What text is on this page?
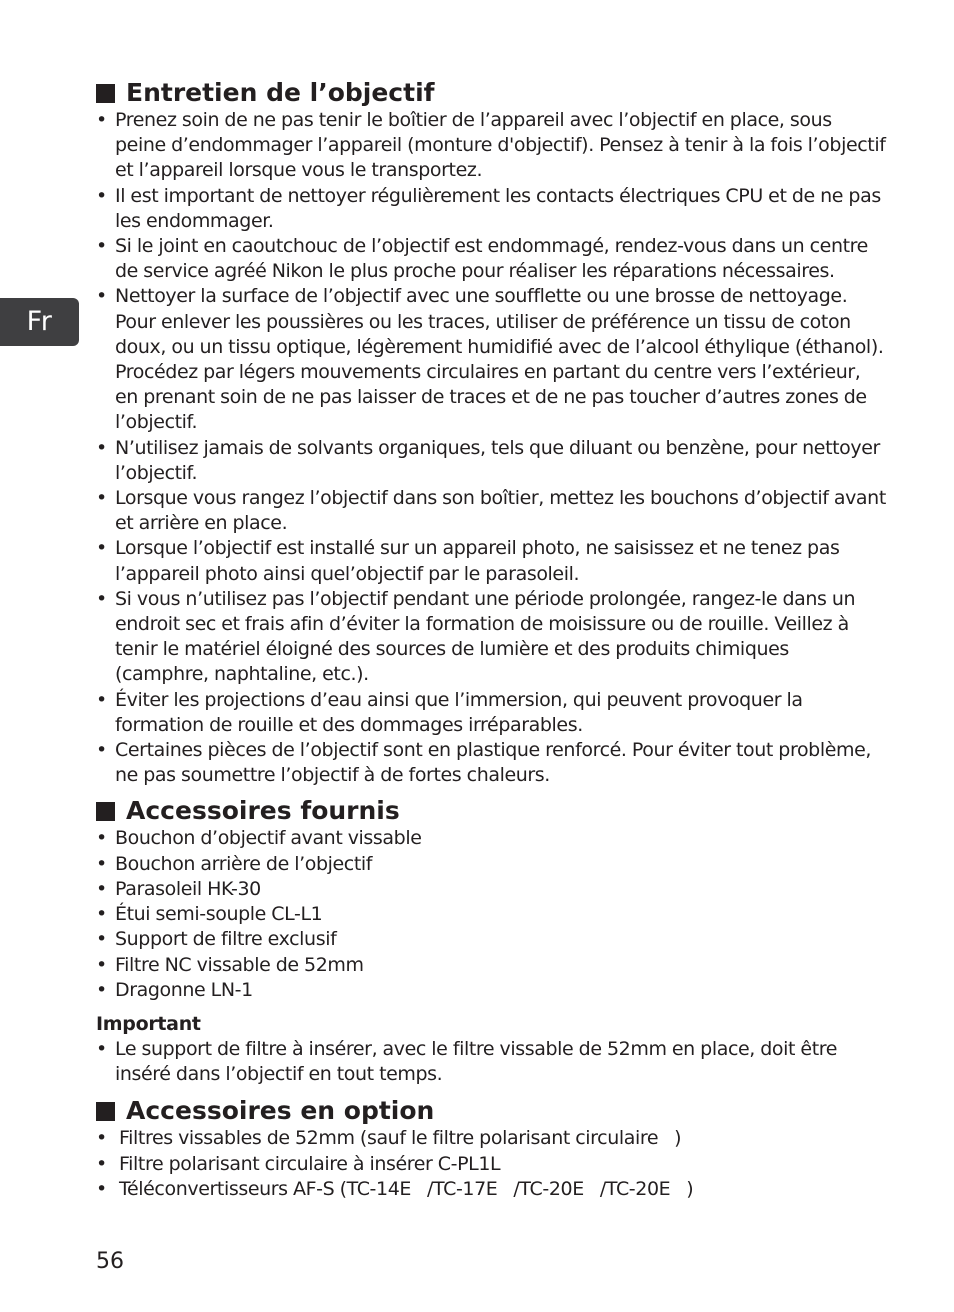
Fr
Entretien de l’objectif
• Prenez soin de ne pas tenir le boîtier de l’appareil avec l’objectif en place, sous peine d’endommager l’appareil (monture d'objectif). Pensez à tenir à la fois l’objectif et l’appareil lorsque vous le transportez.
• Il est important de nettoyer régulièrement les contacts électriques CPU et de ne pas les endommager.
• Si le joint en caoutchouc de l’objectif est endommagé, rendez-vous dans un centre de service agréé Nikon le plus proche pour réaliser les réparations nécessaires.
• Nettoyer la surface de l’objectif avec une soufflette ou une brosse de nettoyage. Pour enlever les poussières ou les traces, utiliser de préférence un tissu de coton doux, ou un tissu optique, légèrement humidifié avec de l’alcool éthylique (éthanol). Procédez par légers mouvements circulaires en partant du centre vers l’extérieur, en prenant soin de ne pas laisser de traces et de ne pas toucher d’autres zones de l’objectif.
• N’utilisez jamais de solvants organiques, tels que diluant ou benzène, pour nettoyer l’objectif.
• Lorsque vous rangez l’objectif dans son boîtier, mettez les bouchons d’objectif avant et arrière en place.
• Lorsque l’objectif est installé sur un appareil photo, ne saisissez et ne tenez pas l’appareil photo ainsi quel’objectif par le parasoleil.
• Si vous n’utilisez pas l’objectif pendant une période prolongée, rangez-le dans un endroit sec et frais afin d’éviter la formation de moisissure ou de rouille. Veillez à tenir le matériel éloigné des sources de lumière et des produits chimiques (camphre, naphtaline, etc.).
• Éviter les projections d’eau ainsi que l’immersion, qui peuvent provoquer la formation de rouille et des dommages irréparables.
• Certaines pièces de l’objectif sont en plastique renforcé. Pour éviter tout problème, ne pas soumettre l’objectif à de fortes chaleurs.
Accessoires fournis
• Bouchon d’objectif avant vissable
• Bouchon arrière de l’objectif
• Parasoleil HK-30
• Étui semi-souple CL-L1
• Support de filtre exclusif
• Filtre NC vissable de 52mm
• Dragonne LN-1
Important
• Le support de filtre à insérer, avec le filtre vissable de 52mm en place, doit être inséré dans l’objectif en tout temps.
Accessoires en option
• Filtres vissables de 52mm (sauf le filtre polarisant circulaire   )
• Filtre polarisant circulaire à insérer C-PL1L
• Téléconvertisseurs AF-S (TC-14E   /TC-17E   /TC-20E   /TC-20E   )
56
